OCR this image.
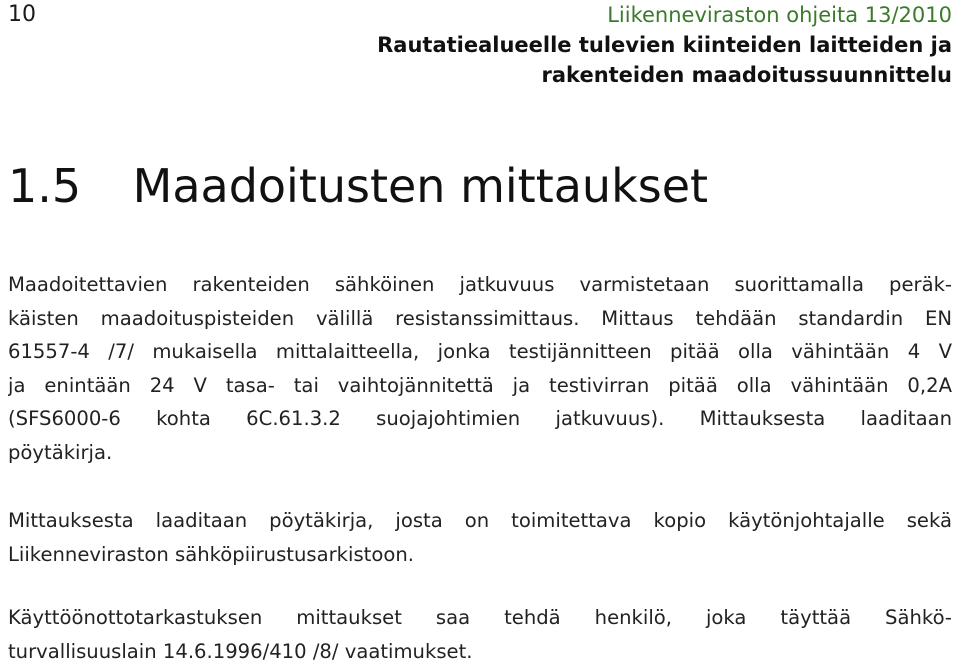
10	Liikenneviraston ohjeita 13/2010
Rautatiealueelle tulevien kiinteiden laitteiden ja
rakenteiden maadoitussuunnittelu
1.5 Maadoitusten mittaukset
Maadoitettavien rakenteiden sähköinen jatkuvuus varmistetaan suorittamalla peräk-
käisten maadoituspisteiden välillä resistanssimittaus. Mittaus tehdään standardin EN
61557-4 /7/ mukaisella mittalaitteella, jonka testijännitteen pitää olla vähintään 4 V
ja enintään 24 V tasa- tai vaihtojännitettä ja testivirran pitää olla vähintään 0,2A
(SFS6000-6 kohta 6C.61.3.2 suojajohtimien jatkuvuus). Mittauksesta laaditaan
pöytäkirja.
Mittauksesta laaditaan pöytäkirja, josta on toimitettava kopio käytönjohtajalle sekä
Liikenneviraston sähköpiirustusarkistoon.
Käyttöönottotarkastuksen mittaukset saa tehdä henkilö, joka täyttää Sähkö-
turvallisuuslain 14.6.1996/410 /8/ vaatimukset.
